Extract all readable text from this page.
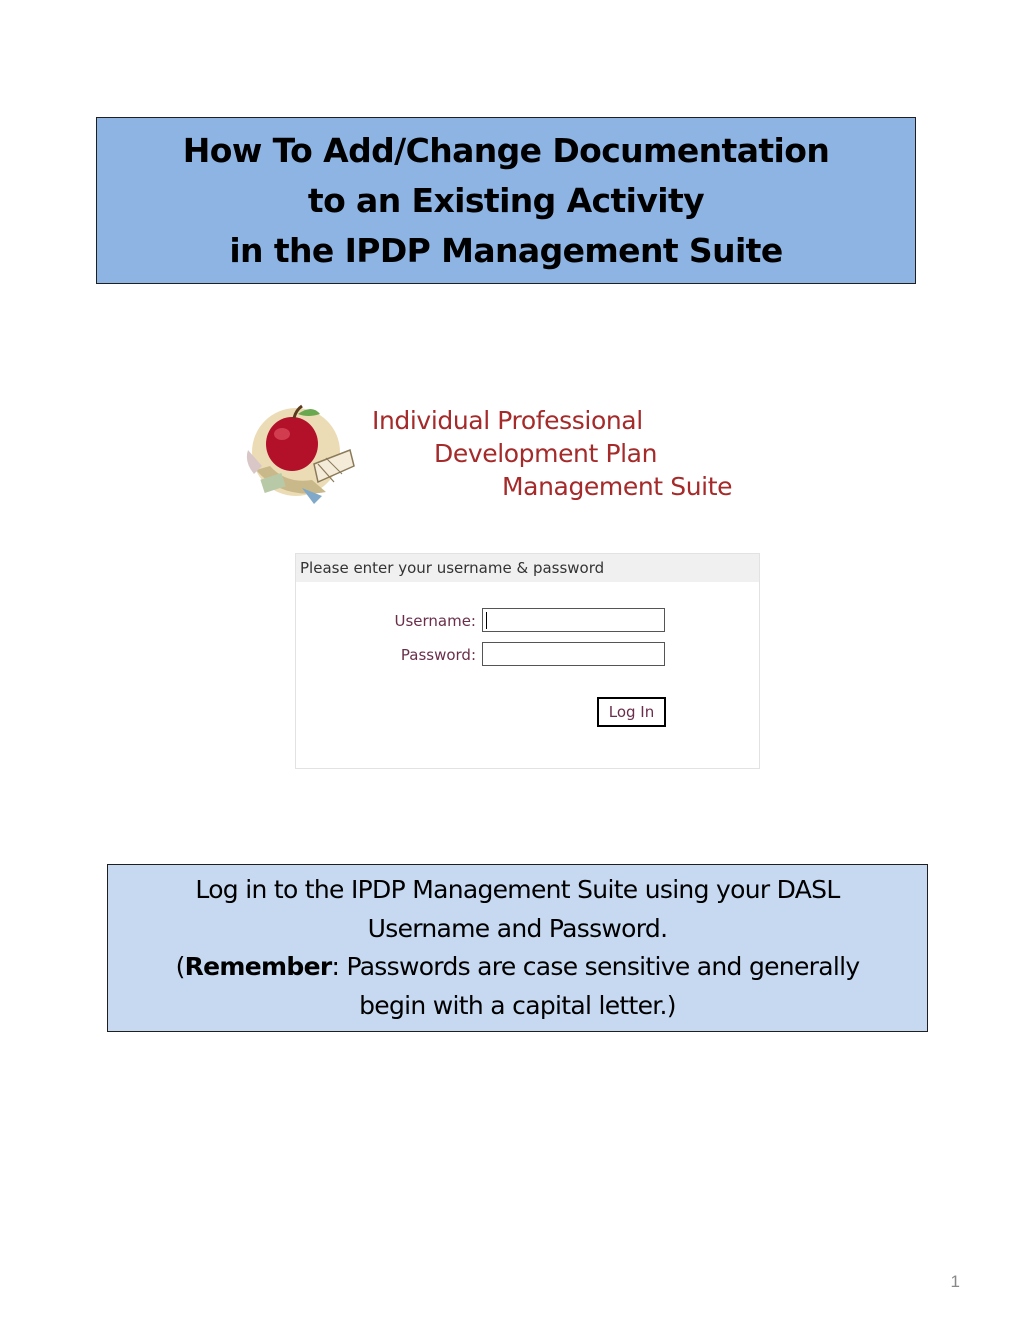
How To Add/Change Documentation
to an Existing Activity
in the IPDP Management Suite
Individual Professional
Development Plan
Management Suite
Please enter your username & password
Username:
Password:
Log In
Log in to the IPDP Management Suite using your DASL
Username and Password.
(Remember: Passwords are case sensitive and generally
begin with a capital letter.)
1
